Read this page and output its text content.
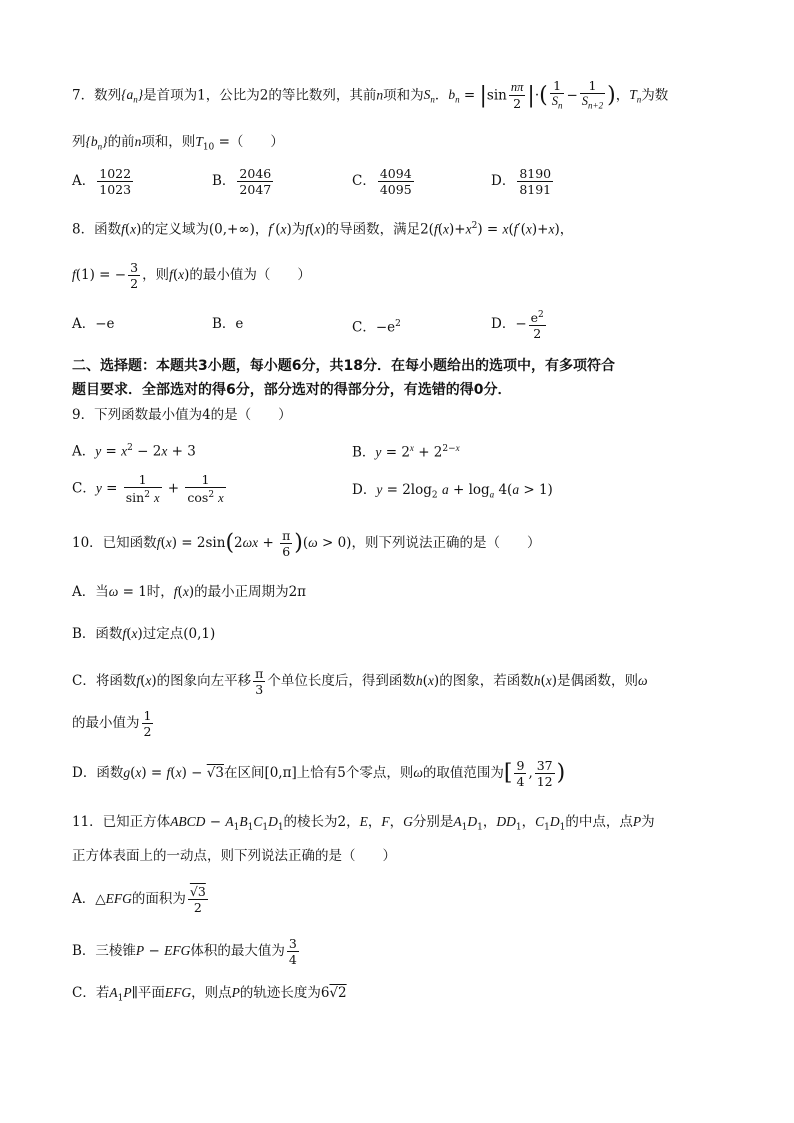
7．数列$\{a_n\}$是首项为1，公比为2的等比数列，其前n项和为$S_n$．$b_n = |\sin \frac{n\pi}{2}$ |·( $\frac{1}{S_n} - \frac{1}{S_{n+2}}$ )，$T_n$为数
列$\{b_n\}$的前n项和，则$T_{10}$ =（　　）
A． $\frac{1022}{1023}$	B． $\frac{2046}{2047}$	C． $\frac{4094}{4095}$	D． $\frac{8190}{8191}$
8．函数f(x)的定义域为(0,+∞)，f′(x)为f(x)的导函数，满足$2(f(x)+x^2) = x(f'(x)+x)$，
f(1) = − $\frac{3}{2}$ ，则f(x)的最小值为（　　）
A．−e	B．e	C．$-e^2$	D．− $\frac{e^2}{2}$
二、选择题：本题共3小题，每小题6分，共18分．在每小题给出的选项中，有多项符合
题目要求．全部选对的得6分，部分选对的得部分分，有选错的得0分．
9．下列函数最小值为4的是（　　）
A．$y = x^2 - 2x + 3$	B．$y = 2^x + 2^{2-x}$
C．$y = \frac{1}{\sin^2 x} + \frac{1}{\cos^2 x}$	D．$y = 2\log_2$ $a + \log_a 4(a > 1)$
10．已知函数$f(x) = 2\sin(2\omega x + \frac{\pi}{6} )(\omega > 0)$，则下列说法正确的是（　　）
A．当ω = 1时，f(x)的最小正周期为2π
B．函数f(x)过定点(0,1)
C．将函数f(x)的图象向左平移 $\frac{\pi}{3}$ 个单位长度后，得到函数h(x)的图象，若函数h(x)是偶函数，则ω
的最小值为 $\frac{1}{2}$
D．函数g(x) = f(x) − √3在区间[0,π]上恰有5个零点，则ω的取值范围为[ $\frac{9}{4}$ , $\frac{37}{12}$ )
11．已知正方体ABCD − $A_1B_1C_1D_1$的棱长为2，E，F，G分别是$A_1D_1$，$DD_1$，$C_1D_1$的中点，点P为
正方体表面上的一动点，则下列说法正确的是（　　）
A．△EFG的面积为 $\frac{√3}{2}$
B．三棱锥P − EFG体积的最大值为 $\frac{3}{4}$
C．若$A_1P\parallel$平面EFG，则点P的轨迹长度为6√2
